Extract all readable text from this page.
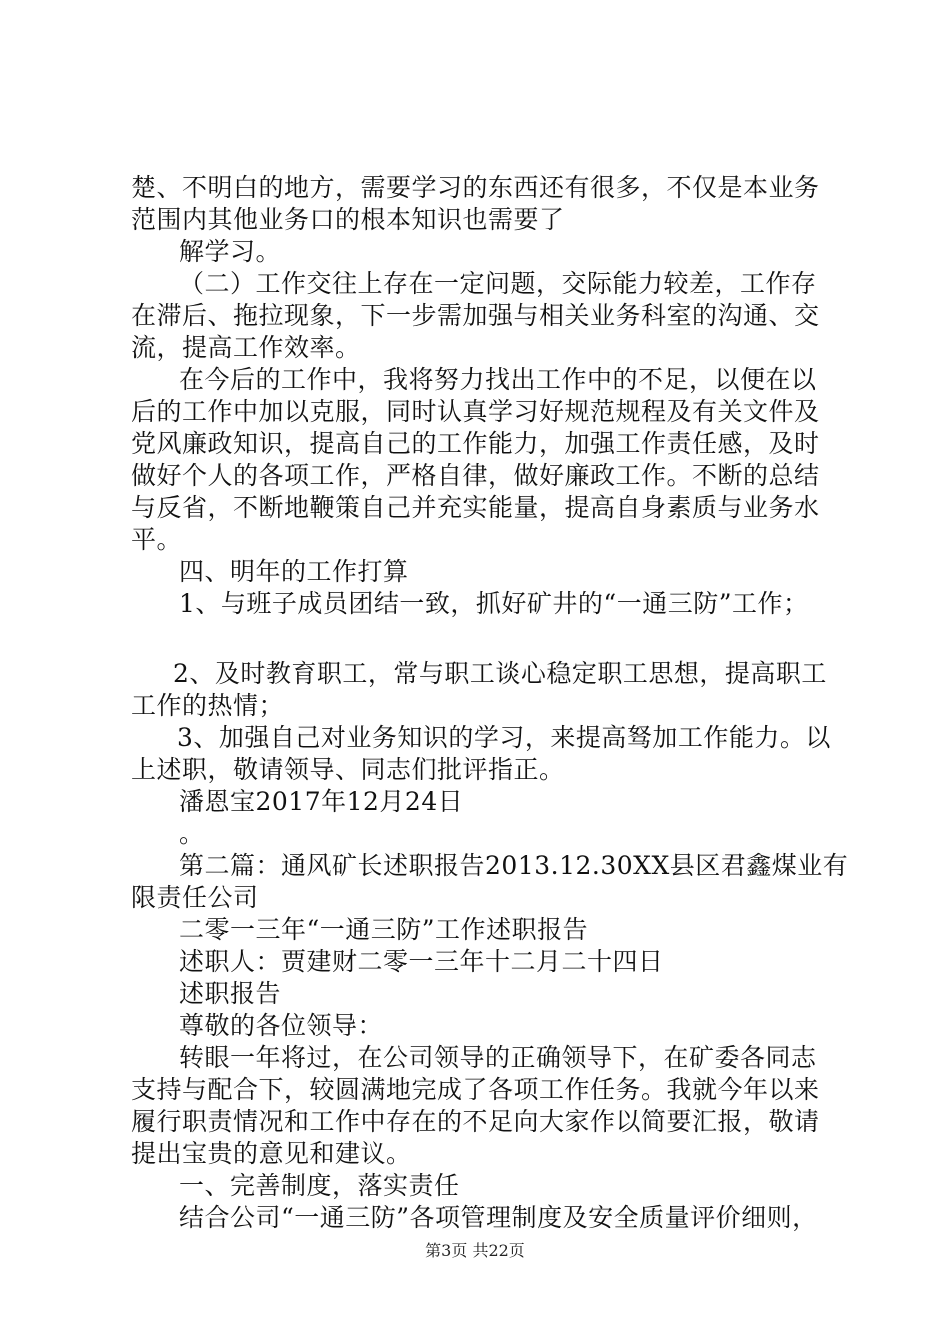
楚、不明白的地方，需要学习的东西还有很多，不仅是本业务
范围内其他业务口的根本知识也需要了
解学习。
（二）工作交往上存在一定问题，交际能力较差，工作存
在滞后、拖拉现象，下一步需加强与相关业务科室的沟通、交
流，提高工作效率。
在今后的工作中，我将努力找出工作中的不足，以便在以
后的工作中加以克服，同时认真学习好规范规程及有关文件及
党风廉政知识，提高自己的工作能力，加强工作责任感，及时
做好个人的各项工作，严格自律，做好廉政工作。不断的总结
与反省，不断地鞭策自己并充实能量，提高自身素质与业务水
平。
四、明年的工作打算
1、与班子成员团结一致，抓好矿井的“一通三防”工作；
2、及时教育职工，常与职工谈心稳定职工思想，提高职工
工作的热情；
3、加强自己对业务知识的学习，来提高驽加工作能力。以
上述职，敬请领导、同志们批评指正。
潘恩宝2017年12月24日
。
第二篇：通风矿长述职报告2013.12.30XX县区君鑫煤业有
限责任公司
二零一三年“一通三防”工作述职报告
述职人：贾建财二零一三年十二月二十四日
述职报告
尊敬的各位领导：
转眼一年将过，在公司领导的正确领导下，在矿委各同志
支持与配合下，较圆满地完成了各项工作任务。我就今年以来
履行职责情况和工作中存在的不足向大家作以简要汇报，敬请
提出宝贵的意见和建议。
一、完善制度，落实责任
结合公司“一通三防”各项管理制度及安全质量评价细则，
第3页 共22页
